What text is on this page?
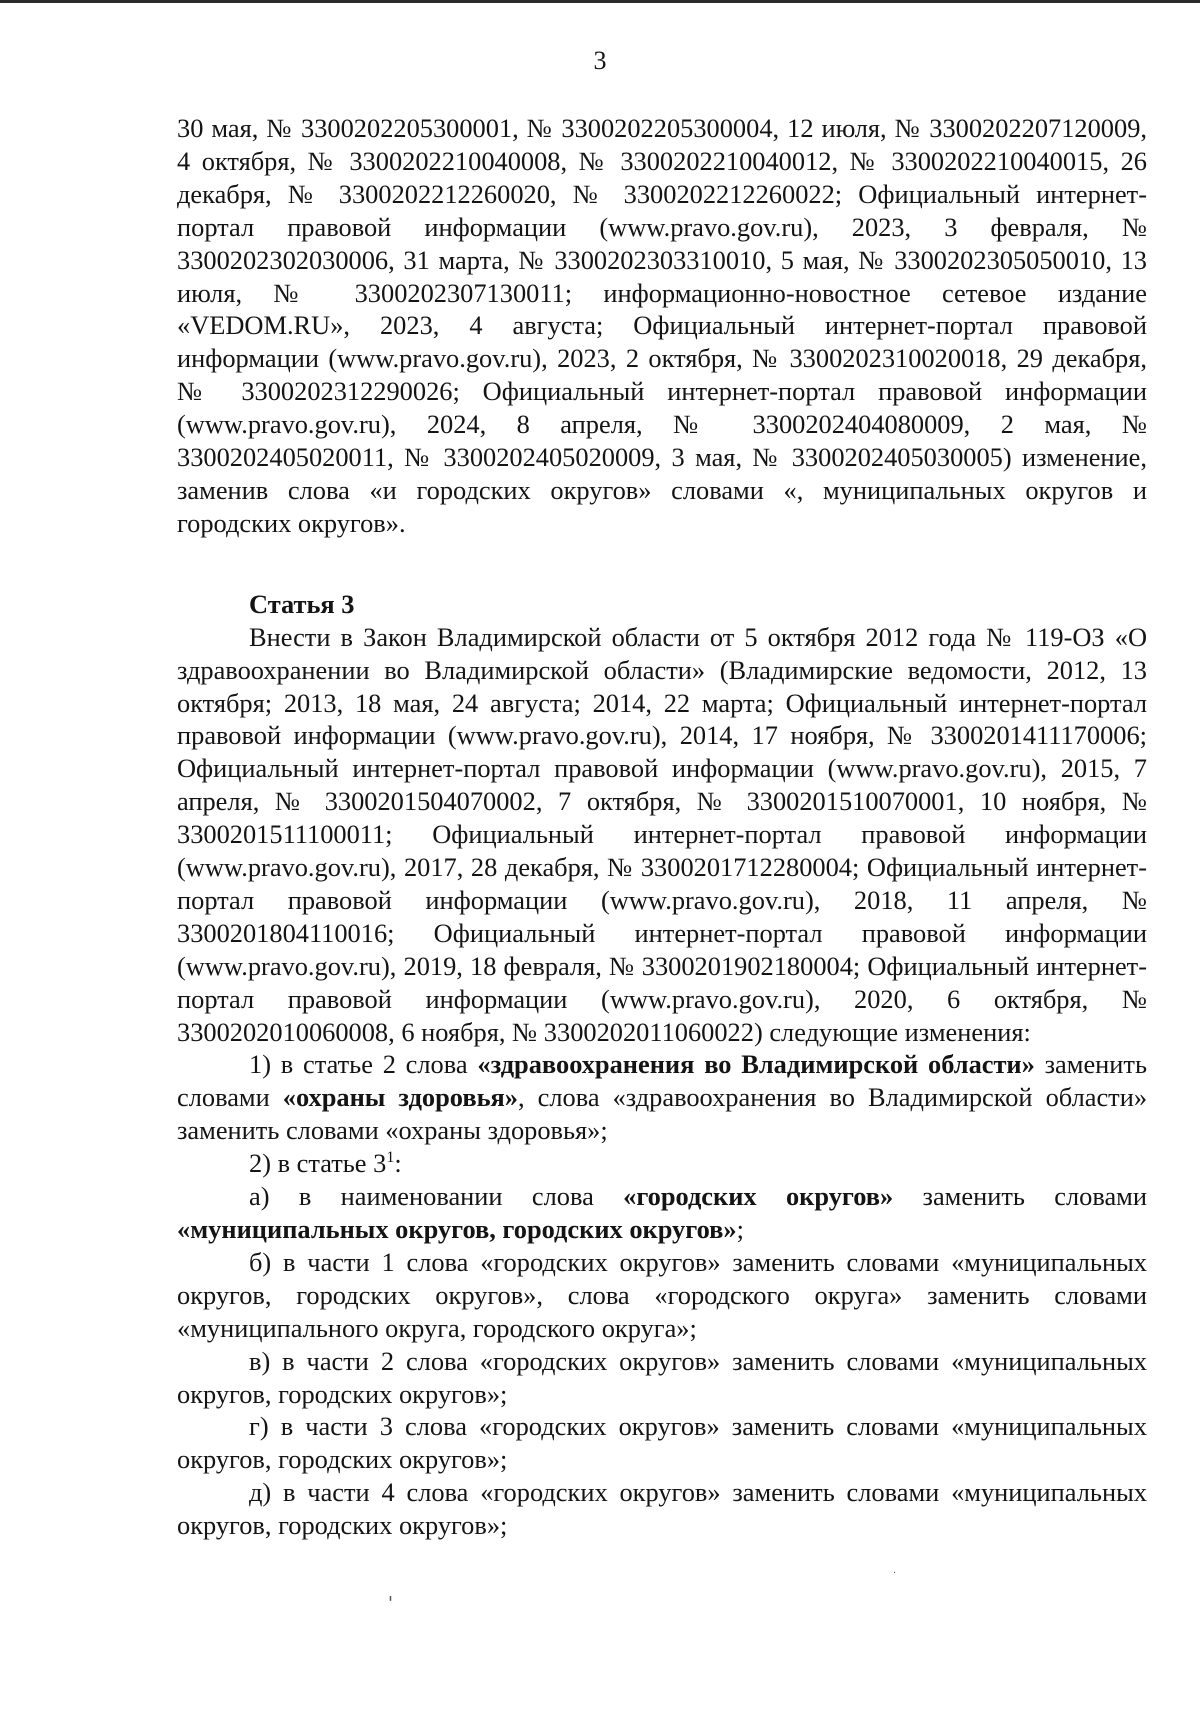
3

30 мая, № 3300202205300001, № 3300202205300004, 12 июля, № 3300202207120009, 4 октября, № 3300202210040008, № 3300202210040012, № 3300202210040015, 26 декабря, № 3300202212260020, № 3300202212260022; Официальный интернет-портал правовой информации (www.pravo.gov.ru), 2023, 3 февраля, № 3300202302030006, 31 марта, № 3300202303310010, 5 мая, № 3300202305050010, 13 июля, № 3300202307130011; информационно-новостное сетевое издание «VEDOM.RU», 2023, 4 августа; Официальный интернет-портал правовой информации (www.pravo.gov.ru), 2023, 2 октября, № 3300202310020018, 29 декабря, № 3300202312290026; Официальный интернет-портал правовой информации (www.pravo.gov.ru), 2024, 8 апреля, № 3300202404080009, 2 мая, № 3300202405020011, № 3300202405020009, 3 мая, № 3300202405030005) изменение, заменив слова «и городских округов» словами «, муниципальных округов и городских округов».

Статья 3

Внести в Закон Владимирской области от 5 октября 2012 года № 119-ОЗ «О здравоохранении во Владимирской области» (Владимирские ведомости, 2012, 13 октября; 2013, 18 мая, 24 августа; 2014, 22 марта; Официальный интернет-портал правовой информации (www.pravo.gov.ru), 2014, 17 ноября, № 3300201411170006; Официальный интернет-портал правовой информации (www.pravo.gov.ru), 2015, 7 апреля, № 3300201504070002, 7 октября, № 3300201510070001, 10 ноября, № 3300201511100011; Официальный интернет-портал правовой информации (www.pravo.gov.ru), 2017, 28 декабря, № 3300201712280004; Официальный интернет-портал правовой информации (www.pravo.gov.ru), 2018, 11 апреля, № 3300201804110016; Официальный интернет-портал правовой информации (www.pravo.gov.ru), 2019, 18 февраля, № 3300201902180004; Официальный интернет-портал правовой информации (www.pravo.gov.ru), 2020, 6 октября, № 3300202010060008, 6 ноября, № 3300202011060022) следующие изменения:

1) в статье 2 слова «здравоохранения во Владимирской области» заменить словами «охраны здоровья», слова «здравоохранения во Владимирской области» заменить словами «охраны здоровья»;

2) в статье $3^1$:

а) в наименовании слова «городских округов» заменить словами «муниципальных округов, городских округов»;

б) в части 1 слова «городских округов» заменить словами «муниципальных округов, городских округов», слова «городского округа» заменить словами «муниципального округа, городского округа»;

в) в части 2 слова «городских округов» заменить словами «муниципальных округов, городских округов»;

г) в части 3 слова «городских округов» заменить словами «муниципальных округов, городских округов»;

д) в части 4 слова «городских округов» заменить словами «муниципальных округов, городских округов»;

'
·
